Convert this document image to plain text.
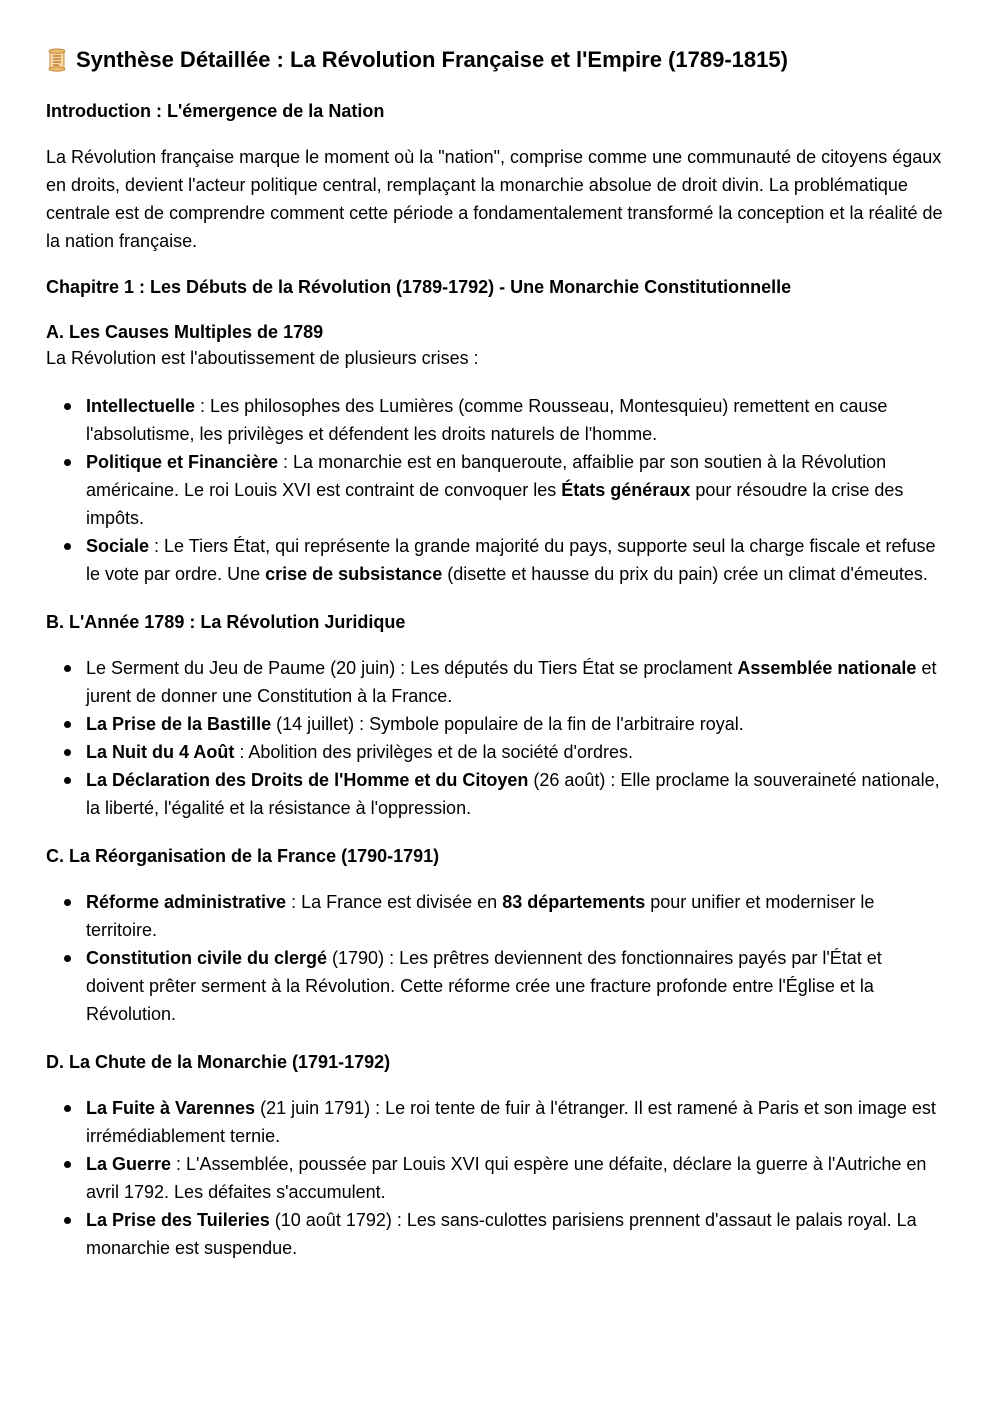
Synthèse Détaillée : La Révolution Française et l'Empire (1789-1815)
Introduction : L'émergence de la Nation

La Révolution française marque le moment où la "nation", comprise comme une communauté de citoyens égaux en droits, devient l'acteur politique central, remplaçant la monarchie absolue de droit divin. La problématique centrale est de comprendre comment cette période a fondamentalement transformé la conception et la réalité de la nation française.

Chapitre 1 : Les Débuts de la Révolution (1789-1792) - Une Monarchie Constitutionnelle
A. Les Causes Multiples de 1789

La Révolution est l'aboutissement de plusieurs crises :

Intellectuelle : Les philosophes des Lumières (comme Rousseau, Montesquieu) remettent en cause l'absolutisme, les privilèges et défendent les droits naturels de l'homme.
Politique et Financière : La monarchie est en banqueroute, affaiblie par son soutien à la Révolution américaine. Le roi Louis XVI est contraint de convoquer les États généraux pour résoudre la crise des impôts.
Sociale : Le Tiers État, qui représente la grande majorité du pays, supporte seul la charge fiscale et refuse le vote par ordre. Une crise de subsistance (disette et hausse du prix du pain) crée un climat d'émeutes.
B. L'Année 1789 : La Révolution Juridique
Le Serment du Jeu de Paume (20 juin) : Les députés du Tiers État se proclament Assemblée nationale et jurent de donner une Constitution à la France.
La Prise de la Bastille (14 juillet) : Symbole populaire de la fin de l'arbitraire royal.
La Nuit du 4 Août : Abolition des privilèges et de la société d'ordres.
La Déclaration des Droits de l'Homme et du Citoyen (26 août) : Elle proclame la souveraineté nationale, la liberté, l'égalité et la résistance à l'oppression.
C. La Réorganisation de la France (1790-1791)
Réforme administrative : La France est divisée en 83 départements pour unifier et moderniser le territoire.
Constitution civile du clergé (1790) : Les prêtres deviennent des fonctionnaires payés par l'État et doivent prêter serment à la Révolution. Cette réforme crée une fracture profonde entre l'Église et la Révolution.
D. La Chute de la Monarchie (1791-1792)
La Fuite à Varennes (21 juin 1791) : Le roi tente de fuir à l'étranger. Il est ramené à Paris et son image est irrémédiablement ternie.
La Guerre : L'Assemblée, poussée par Louis XVI qui espère une défaite, déclare la guerre à l'Autriche en avril 1792. Les défaites s'accumulent.
La Prise des Tuileries (10 août 1792) : Les sans-culottes parisiens prennent d'assaut le palais royal. La monarchie est suspendue.
